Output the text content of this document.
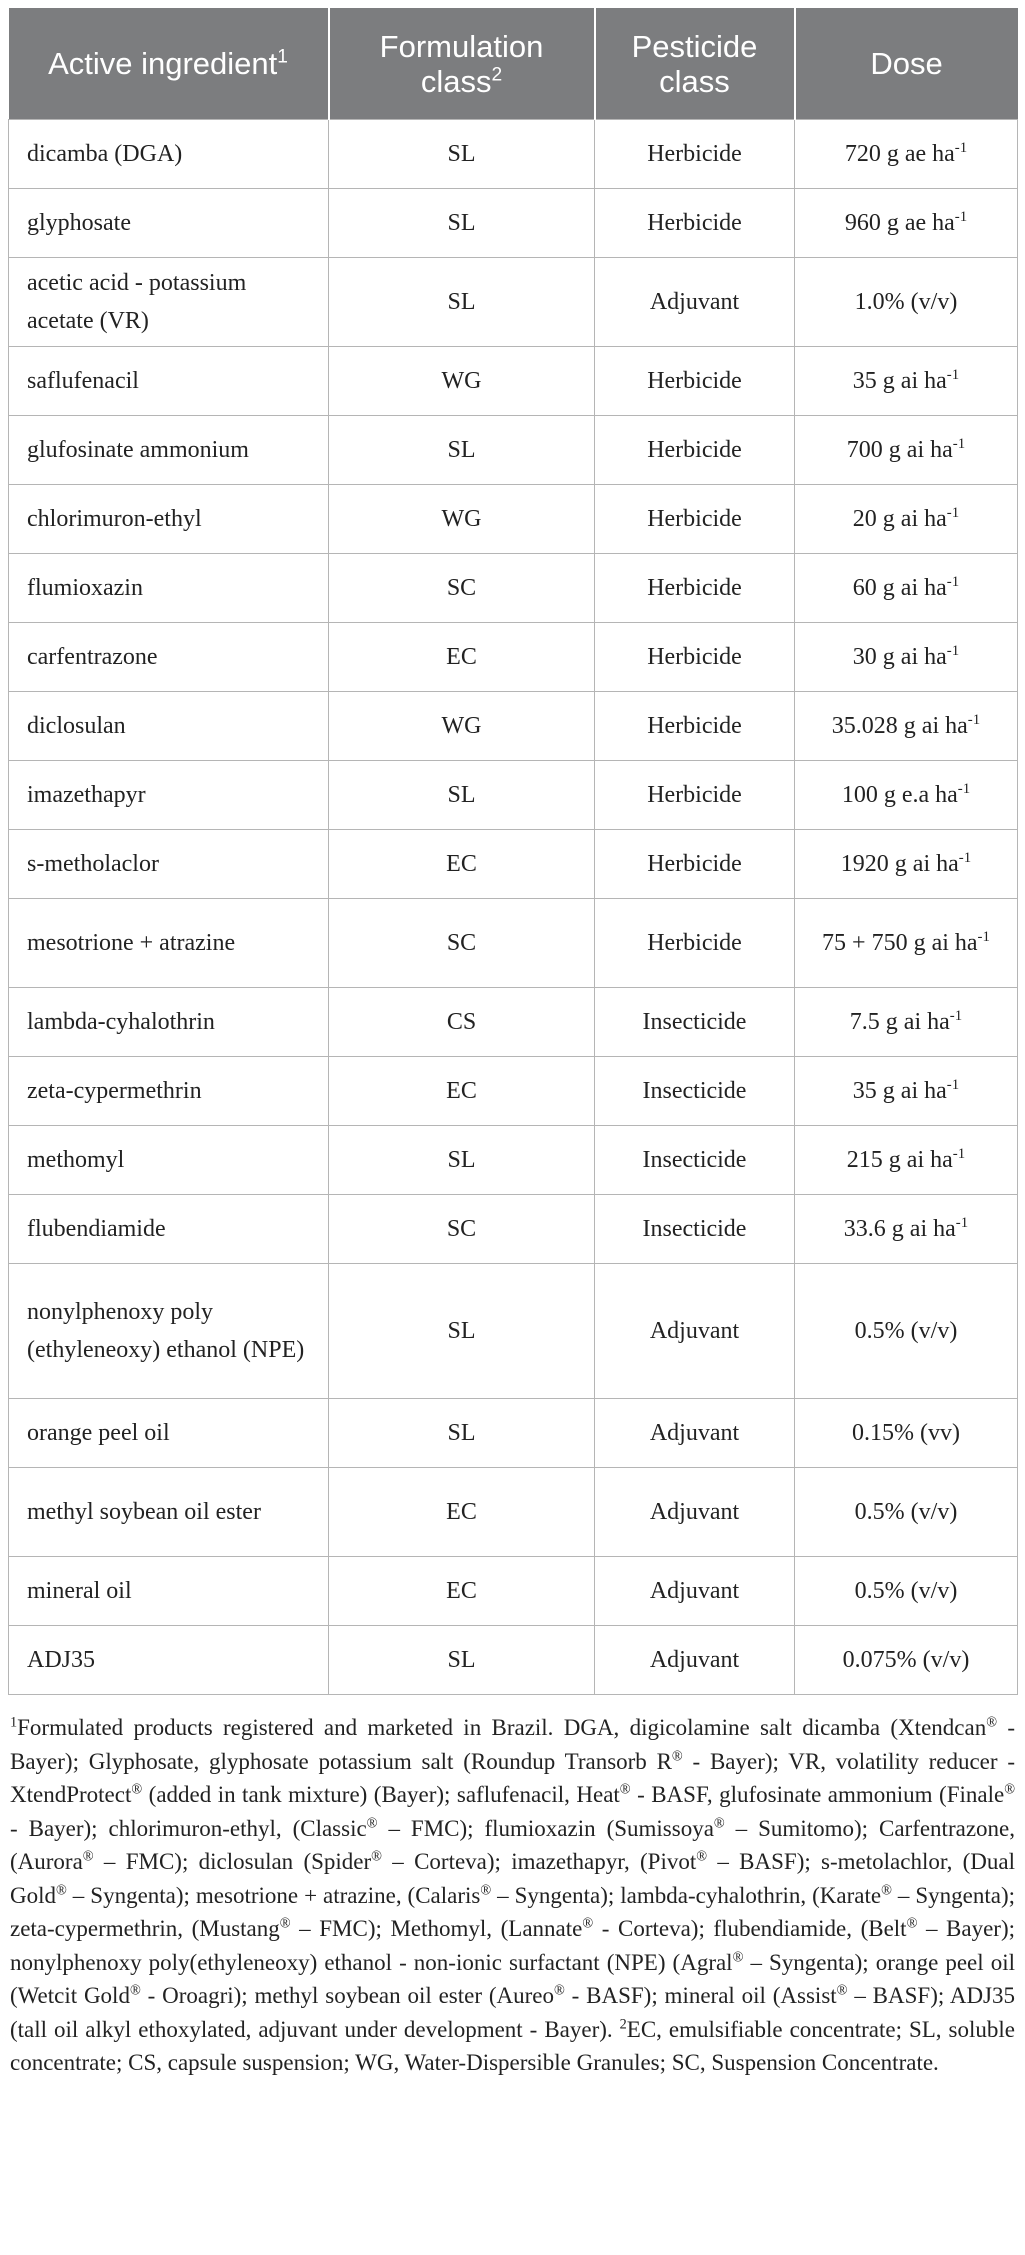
Active ingredient$^1$	Formulation class$^2$	Pesticide class	Dose
dicamba (DGA)	SL	Herbicide	720 g ae $ha^{-1}$
glyphosate	SL	Herbicide	960 g ae $ha^{-1}$
acetic acid - potassium acetate (VR)	SL	Adjuvant	1.0% (v/v)
saflufenacil	WG	Herbicide	35 g ai $ha^{-1}$
glufosinate ammonium	SL	Herbicide	700 g ai $ha^{-1}$
chlorimuron-ethyl	WG	Herbicide	20 g ai $ha^{-1}$
flumioxazin	SC	Herbicide	60 g ai $ha^{-1}$
carfentrazone	EC	Herbicide	30 g ai $ha^{-1}$
diclosulan	WG	Herbicide	35.028 g ai $ha^{-1}$
imazethapyr	SL	Herbicide	100 g e.a $ha^{-1}$
s-metholaclor	EC	Herbicide	1920 g ai $ha^{-1}$
mesotrione + atrazine	SC	Herbicide	75 + 750 g ai $ha^{-1}$
lambda-cyhalothrin	CS	Insecticide	7.5 g ai $ha^{-1}$
zeta-cypermethrin	EC	Insecticide	35 g ai $ha^{-1}$
methomyl	SL	Insecticide	215 g ai $ha^{-1}$
flubendiamide	SC	Insecticide	33.6 g ai $ha^{-1}$
nonylphenoxy poly (ethyleneoxy) ethanol (NPE)	SL	Adjuvant	0.5% (v/v)
orange peel oil	SL	Adjuvant	0.15% (vv)
methyl soybean oil ester	EC	Adjuvant	0.5% (v/v)
mineral oil	EC	Adjuvant	0.5% (v/v)
ADJ35	SL	Adjuvant	0.075% (v/v)

$^1$Formulated products registered and marketed in Brazil. DGA, digicolamine salt dicamba (Xtendcan® - Bayer); Glyphosate, glyphosate potassium salt (Roundup Transorb R® - Bayer); VR, volatility reducer - XtendProtect® (added in tank mixture) (Bayer); saflufenacil, Heat® - BASF, glufosinate ammonium (Finale® - Bayer); chlorimuron-ethyl, (Classic® – FMC); flumioxazin (Sumissoya® – Sumitomo); Carfentrazone, (Aurora® – FMC); diclosulan (Spider® – Corteva); imazethapyr, (Pivot® – BASF); s-metolachlor, (Dual Gold® – Syngenta); mesotrione + atrazine, (Calaris® – Syngenta); lambda-cyhalothrin, (Karate® – Syngenta); zeta-cypermethrin, (Mustang® – FMC); Methomyl, (Lannate® - Corteva); flubendiamide, (Belt® – Bayer); nonylphenoxy poly(ethyleneoxy) ethanol - non-ionic surfactant (NPE) (Agral® – Syngenta); orange peel oil (Wetcit Gold® - Oroagri); methyl soybean oil ester (Aureo® - BASF); mineral oil (Assist® – BASF); ADJ35 (tall oil alkyl ethoxylated, adjuvant under development - Bayer). $^2$EC, emulsifiable concentrate; SL, soluble concentrate; CS, capsule suspension; WG, Water-Dispersible Granules; SC, Suspension Concentrate.
